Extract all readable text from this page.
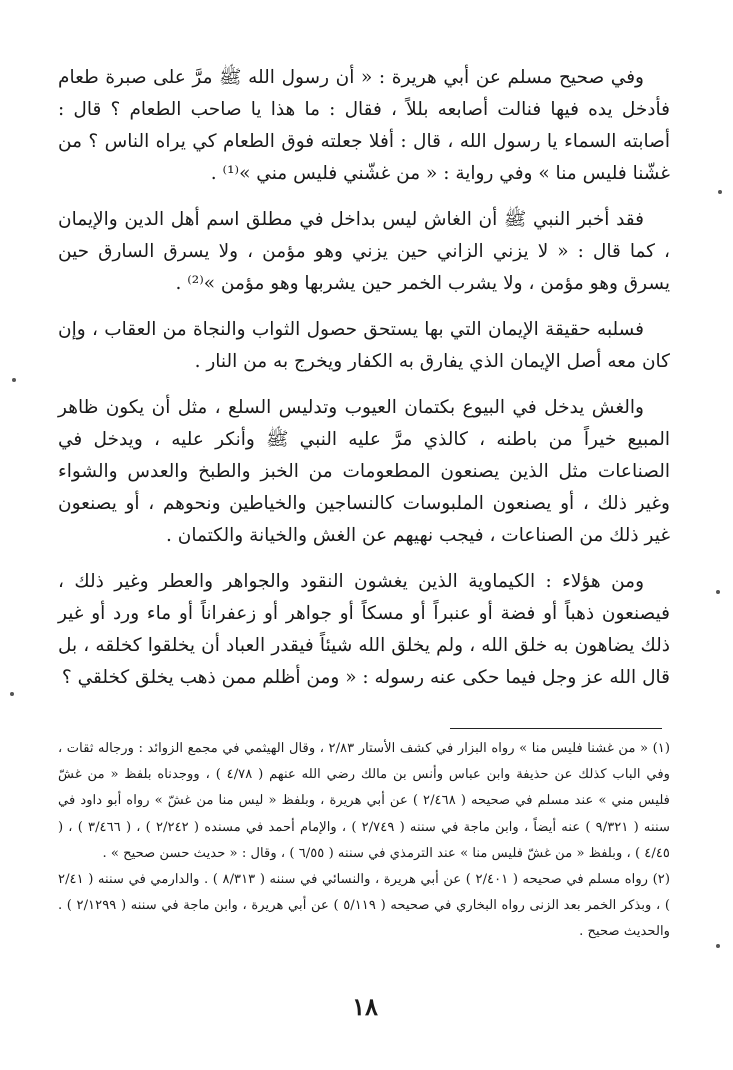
وفي صحيح مسلم عن أبي هريرة : « أن رسول الله ﷺ مرَّ على صبرة طعام فأدخل يده فيها فنالت أصابعه بللاً ، فقال : ما هذا يا صاحب الطعام ؟ قال : أصابته السماء يا رسول الله ، قال : أفلا جعلته فوق الطعام كي يراه الناس ؟ من غشّنا فليس منا » وفي رواية : « من غشّني فليس مني »⁽¹⁾ .

فقد أخبر النبي ﷺ أن الغاش ليس بداخل في مطلق اسم أهل الدين والإيمان ، كما قال : « لا يزني الزاني حين يزني وهو مؤمن ، ولا يسرق السارق حين يسرق وهو مؤمن ، ولا يشرب الخمر حين يشربها وهو مؤمن »⁽²⁾ .

فسلبه حقيقة الإيمان التي بها يستحق حصول الثواب والنجاة من العقاب ، وإن كان معه أصل الإيمان الذي يفارق به الكفار ويخرج به من النار .

والغش يدخل في البيوع بكتمان العيوب وتدليس السلع ، مثل أن يكون ظاهر المبيع خيراً من باطنه ، كالذي مرَّ عليه النبي ﷺ وأنكر عليه ، ويدخل في الصناعات مثل الذين يصنعون المطعومات من الخبز والطبخ والعدس والشواء وغير ذلك ، أو يصنعون الملبوسات كالنساجين والخياطين ونحوهم ، أو يصنعون غير ذلك من الصناعات ، فيجب نهيهم عن الغش والخيانة والكتمان .

ومن هؤلاء : الكيماوية الذين يغشون النقود والجواهر والعطر وغير ذلك ، فيصنعون ذهباً أو فضة أو عنبراً أو مسكاً أو جواهر أو زعفراناً أو ماء ورد أو غير ذلك يضاهون به خلق الله ، ولم يخلق الله شيئاً فيقدر العباد أن يخلقوا كخلقه ، بل قال الله عز وجل فيما حكى عنه رسوله : « ومن أظلم ممن ذهب يخلق كخلقي ؟

(١) « من غشنا فليس منا » رواه البزار في كشف الأستار ٢/٨٣ ، وقال الهيثمي في مجمع الزوائد : ورجاله ثقات ، وفي الباب كذلك عن حذيفة وابن عباس وأنس بن مالك رضي الله عنهم ( ٤/٧٨ ) ، ووجدناه بلفظ « من غشّ فليس مني » عند مسلم في صحيحه ( ٢/٤٦٨ ) عن أبي هريرة ، وبلفظ « ليس منا من غشّ » رواه أبو داود في سننه ( ٩/٣٢١ ) عنه أيضاً ، وابن ماجة في سننه ( ٢/٧٤٩ ) ، والإمام أحمد في مسنده ( ٢/٢٤٢ ) ، ( ٣/٤٦٦ ) ، ( ٤/٤٥ ) ، وبلفظ « من غشّ فليس منا » عند الترمذي في سننه ( ٦/٥٥ ) ، وقال : « حديث حسن صحيح » .

(٢) رواه مسلم في صحيحه ( ٢/٤٠١ ) عن أبي هريرة ، والنسائي في سننه ( ٨/٣١٣ ) . والدارمي في سننه ( ٢/٤١ ) ، وبذكر الخمر بعد الزنى رواه البخاري في صحيحه ( ٥/١١٩ ) عن أبي هريرة ، وابن ماجة في سننه ( ٢/١٢٩٩ ) . والحديث صحيح .

١٨
